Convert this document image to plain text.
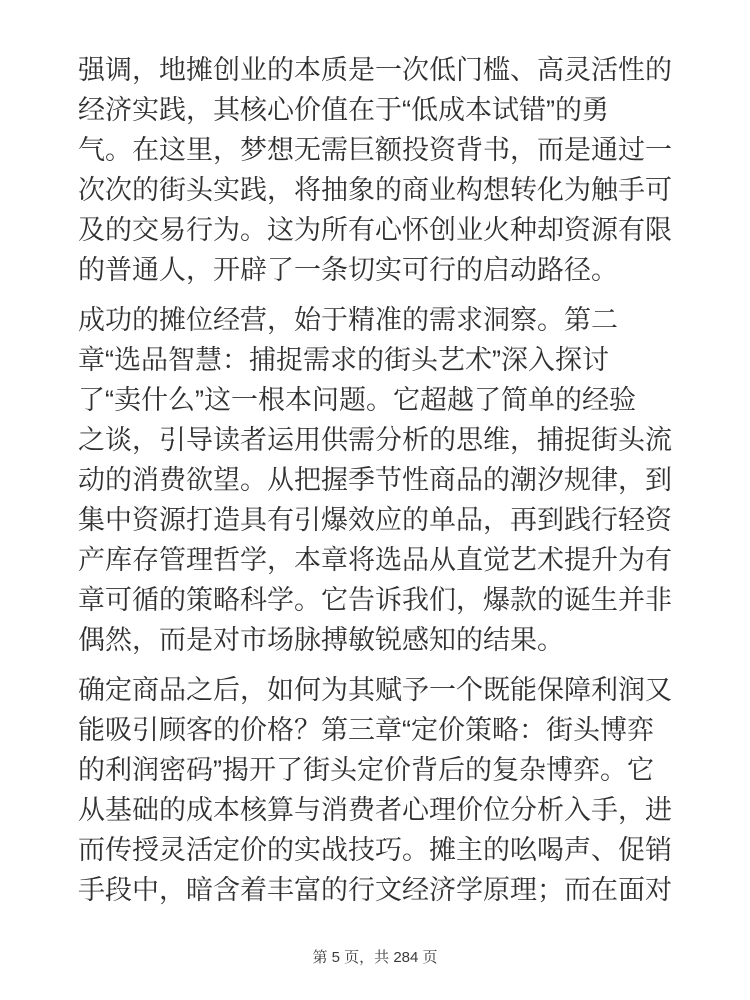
强调，地摊创业的本质是一次低门槛、高灵活性的
经济实践，其核心价值在于“低成本试错”的勇
气。在这里，梦想无需巨额投资背书，而是通过一
次次的街头实践，将抽象的商业构想转化为触手可
及的交易行为。这为所有心怀创业火种却资源有限
的普通人，开辟了一条切实可行的启动路径。

成功的摊位经营，始于精准的需求洞察。第二
章“选品智慧：捕捉需求的街头艺术”深入探讨
了“卖什么”这一根本问题。它超越了简单的经验
之谈，引导读者运用供需分析的思维，捕捉街头流
动的消费欲望。从把握季节性商品的潮汐规律，到
集中资源打造具有引爆效应的单品，再到践行轻资
产库存管理哲学，本章将选品从直觉艺术提升为有
章可循的策略科学。它告诉我们，爆款的诞生并非
偶然，而是对市场脉搏敏锐感知的结果。

确定商品之后，如何为其赋予一个既能保障利润又
能吸引顾客的价格？第三章“定价策略：街头博弈
的利润密码”揭开了街头定价背后的复杂博弈。它
从基础的成本核算与消费者心理价位分析入手，进
而传授灵活定价的实战技巧。摊主的吆喝声、促销
手段中，暗含着丰富的行文经济学原理；而在面对

第 5 页，共 284 页
